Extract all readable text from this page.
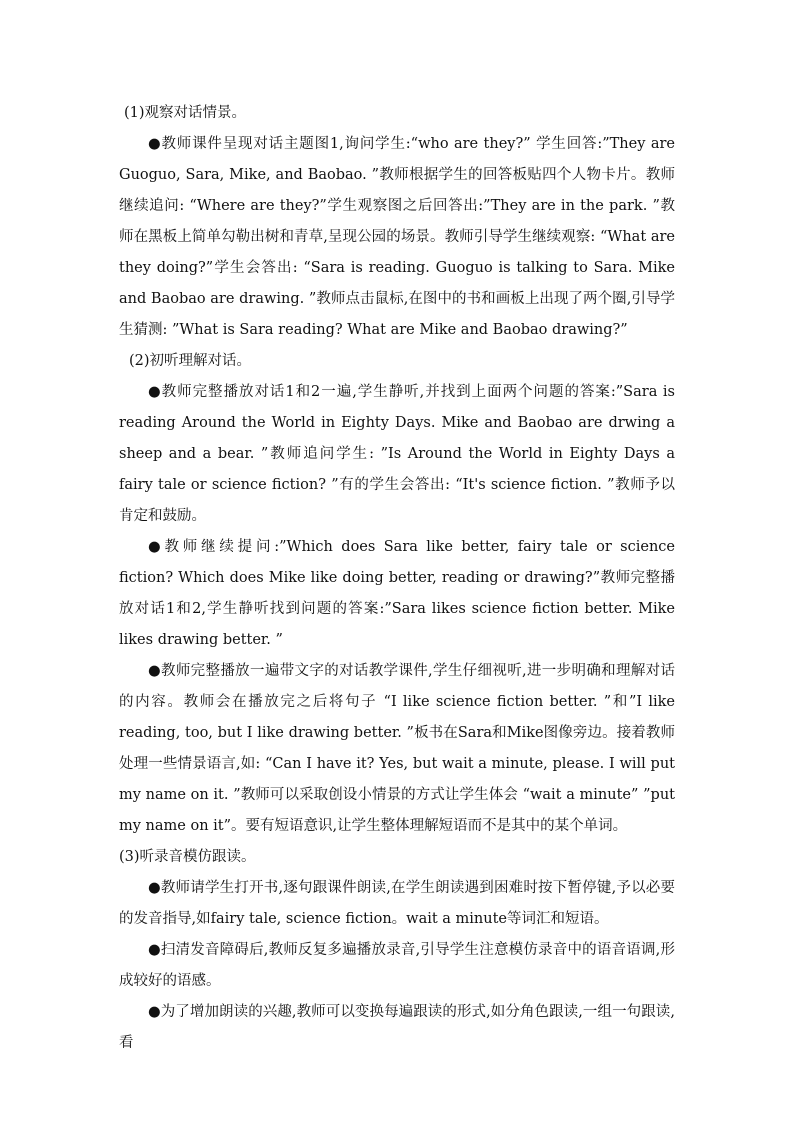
(1)观察对话情景。

●教师课件呈现对话主题图1,询问学生:“who are they?” 学生回答:”They are Guoguo, Sara, Mike, and Baobao. ”教师根据学生的回答板贴四个人物卡片。教师继续追问: “Where are they?”学生观察图之后回答出:”They are in the park. ”教师在黑板上简单勾勒出树和青草,呈现公园的场景。教师引导学生继续观察: “What are they doing?”学生会答出: “Sara is reading. Guoguo is talking to Sara. Mike and Baobao are drawing. ”教师点击鼠标,在图中的书和画板上出现了两个圈,引导学生猜测: ”What is Sara reading? What are Mike and Baobao drawing?”

(2)初听理解对话。

●教师完整播放对话1和2一遍,学生静听,并找到上面两个问题的答案:”Sara is reading Around the World in Eighty Days. Mike and Baobao are drwing a sheep and a bear. ”教师追问学生: ”Is Around the World in Eighty Days a fairy tale or science fiction? ”有的学生会答出: “It's science fiction. ”教师予以肯定和鼓励。

●教师继续提问:”Which does Sara like better, fairy tale or science fiction? Which does Mike like doing better, reading or drawing?”教师完整播放对话1和2,学生静听找到问题的答案:”Sara likes science fiction better. Mike likes drawing better. ”

●教师完整播放一遍带文字的对话教学课件,学生仔细视听,进一步明确和理解对话的内容。教师会在播放完之后将句子 “I like science fiction better. ”和”I like reading, too, but I like drawing better. ”板书在Sara和Mike图像旁边。接着教师处理一些情景语言,如: “Can I have it? Yes, but wait a minute, please. I will put my name on it. ”教师可以采取创设小情景的方式让学生体会 “wait a minute” ”put my name on it”。要有短语意识,让学生整体理解短语而不是其中的某个单词。

(3)听录音模仿跟读。

●教师请学生打开书,逐句跟课件朗读,在学生朗读遇到困难时按下暂停键,予以必要的发音指导,如fairy tale, science fiction。wait a minute等词汇和短语。

●扫清发音障碍后,教师反复多遍播放录音,引导学生注意模仿录音中的语音语调,形成较好的语感。

●为了增加朗读的兴趣,教师可以变换每遍跟读的形式,如分角色跟读,一组一句跟读,看
